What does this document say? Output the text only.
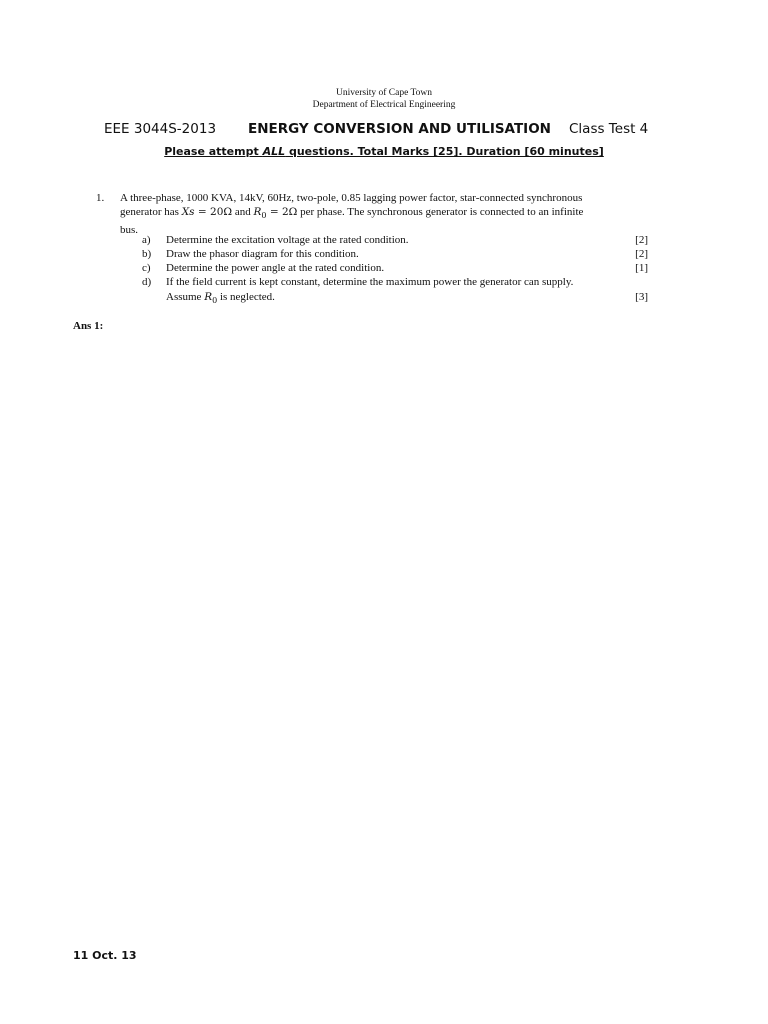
University of Cape Town
Department of Electrical Engineering
EEE 3044S-2013 ENERGY CONVERSION AND UTILISATION Class Test 4
Please attempt ALL questions. Total Marks [25]. Duration [60 minutes]
1. A three-phase, 1000 KVA, 14kV, 60Hz, two-pole, 0.85 lagging power factor, star-connected synchronous
generator has Xs = 20Ω and $R_0 = 2\Omega$ per phase. The synchronous generator is connected to an infinite
bus.
a) Determine the excitation voltage at the rated condition.	[2]
b) Draw the phasor diagram for this condition.	[2]
c) Determine the power angle at the rated condition.	[1]
d) If the field current is kept constant, determine the maximum power the generator can supply.
Assume $R_0$ is neglected.	[3]
Ans 1:
11 Oct. 13
